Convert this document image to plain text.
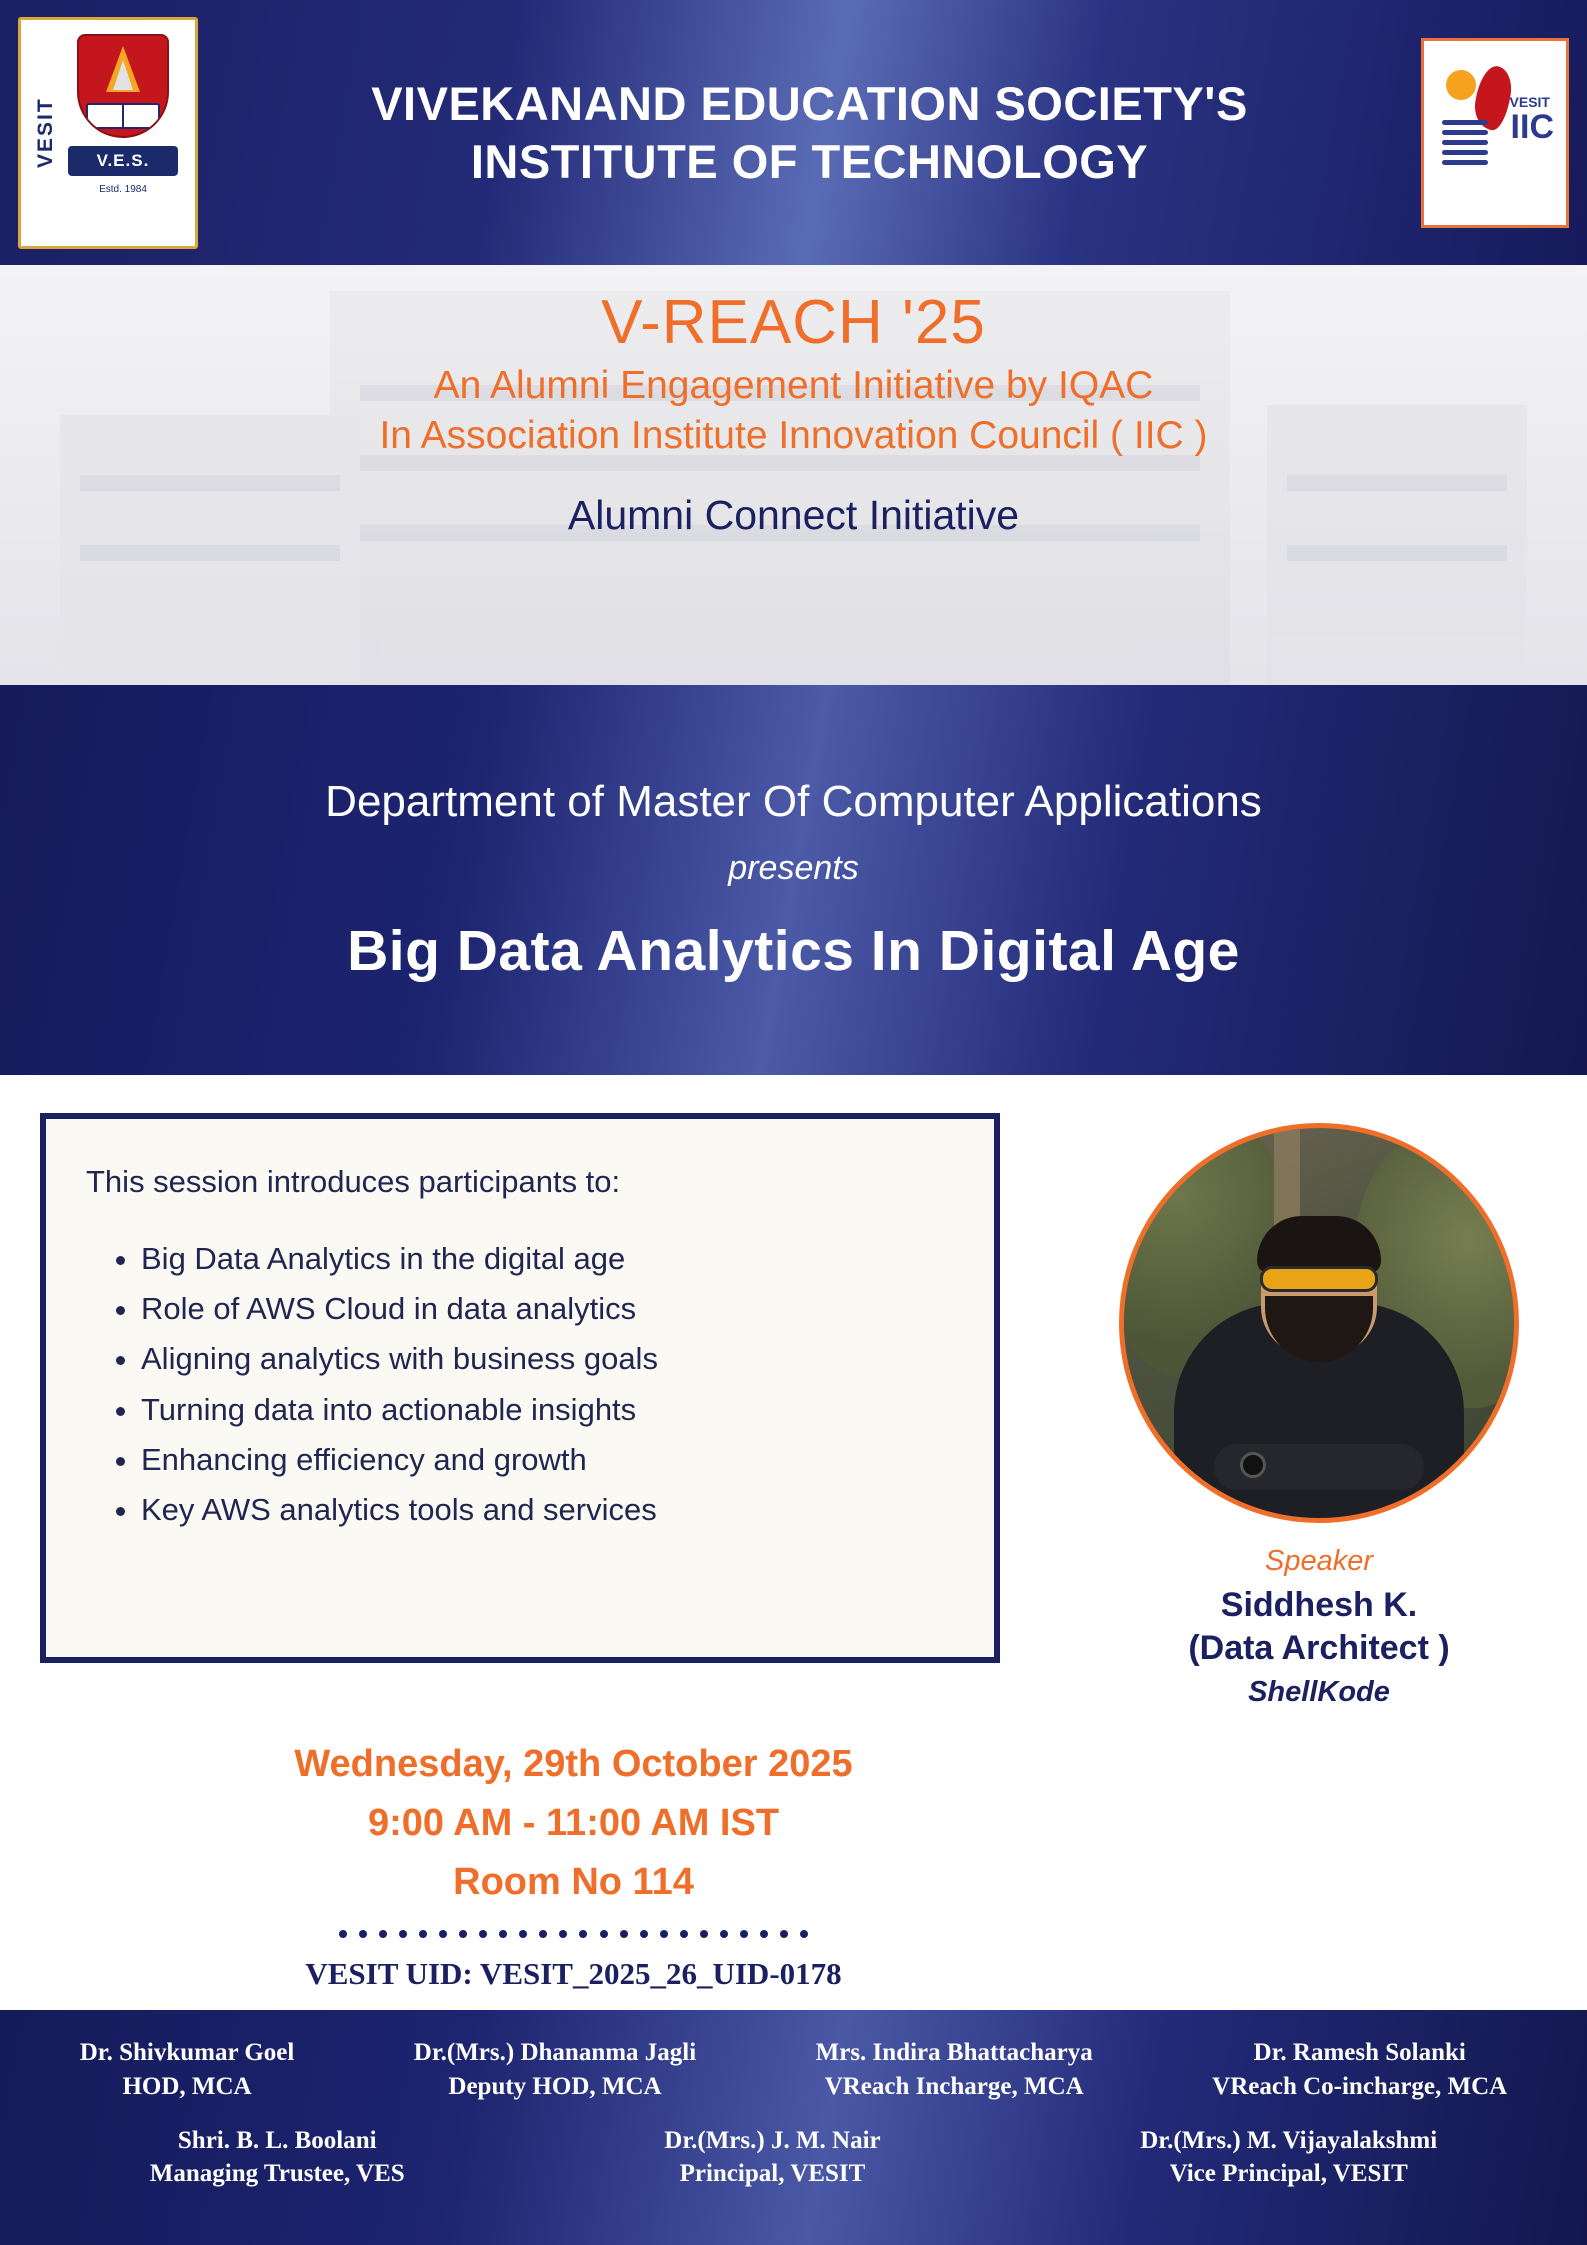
VESIT	V.E.S.
Estd. 1984
VIVEKANAND EDUCATION SOCIETY'S
INSTITUTE OF TECHNOLOGY
VESIT
IIC
V-REACH '25
An Alumni Engagement Initiative by IQAC
In Association Institute Innovation Council ( IIC )
Alumni Connect Initiative
Department of Master Of Computer Applications
presents
Big Data Analytics In Digital Age
This session introduces participants to:
• Big Data Analytics in the digital age
• Role of AWS Cloud in data analytics
• Aligning analytics with business goals
• Turning data into actionable insights
• Enhancing efficiency and growth
• Key AWS analytics tools and services
Speaker
Siddhesh K.
(Data Architect )
ShellKode
Wednesday, 29th October 2025
9:00 AM - 11:00 AM IST
Room No 114
VESIT UID: VESIT_2025_26_UID-0178
Dr. Shivkumar Goel
HOD, MCA
Dr.(Mrs.) Dhananma Jagli
Deputy HOD, MCA
Mrs. Indira Bhattacharya
VReach Incharge, MCA
Dr. Ramesh Solanki
VReach Co-incharge, MCA
Shri. B. L. Boolani
Managing Trustee, VES
Dr.(Mrs.) J. M. Nair
Principal, VESIT
Dr.(Mrs.) M. Vijayalakshmi
Vice Principal, VESIT
